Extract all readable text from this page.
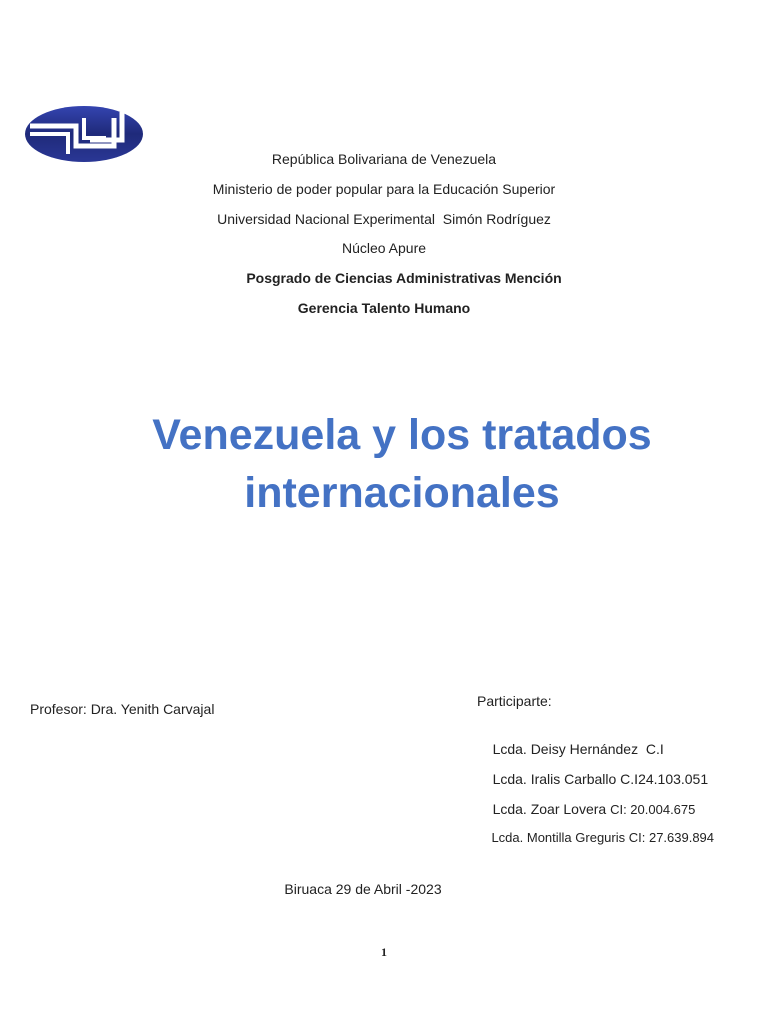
República Bolivariana de Venezuela
Ministerio de poder popular para la Educación Superior
Universidad Nacional Experimental  Simón Rodríguez
Núcleo Apure
Posgrado de Ciencias Administrativas Mención
Gerencia Talento Humano
Venezuela y los tratados
internacionales
Profesor: Dra. Yenith Carvajal	Participarte:

Lcda. Deisy Hernández  C.I

Lcda. Iralis Carballo C.I24.103.051

Lcda. Zoar Lovera CI: 20.004.675

Lcda. Montilla Greguris CI: 27.639.894

Biruaca 29 de Abril -2023
1
